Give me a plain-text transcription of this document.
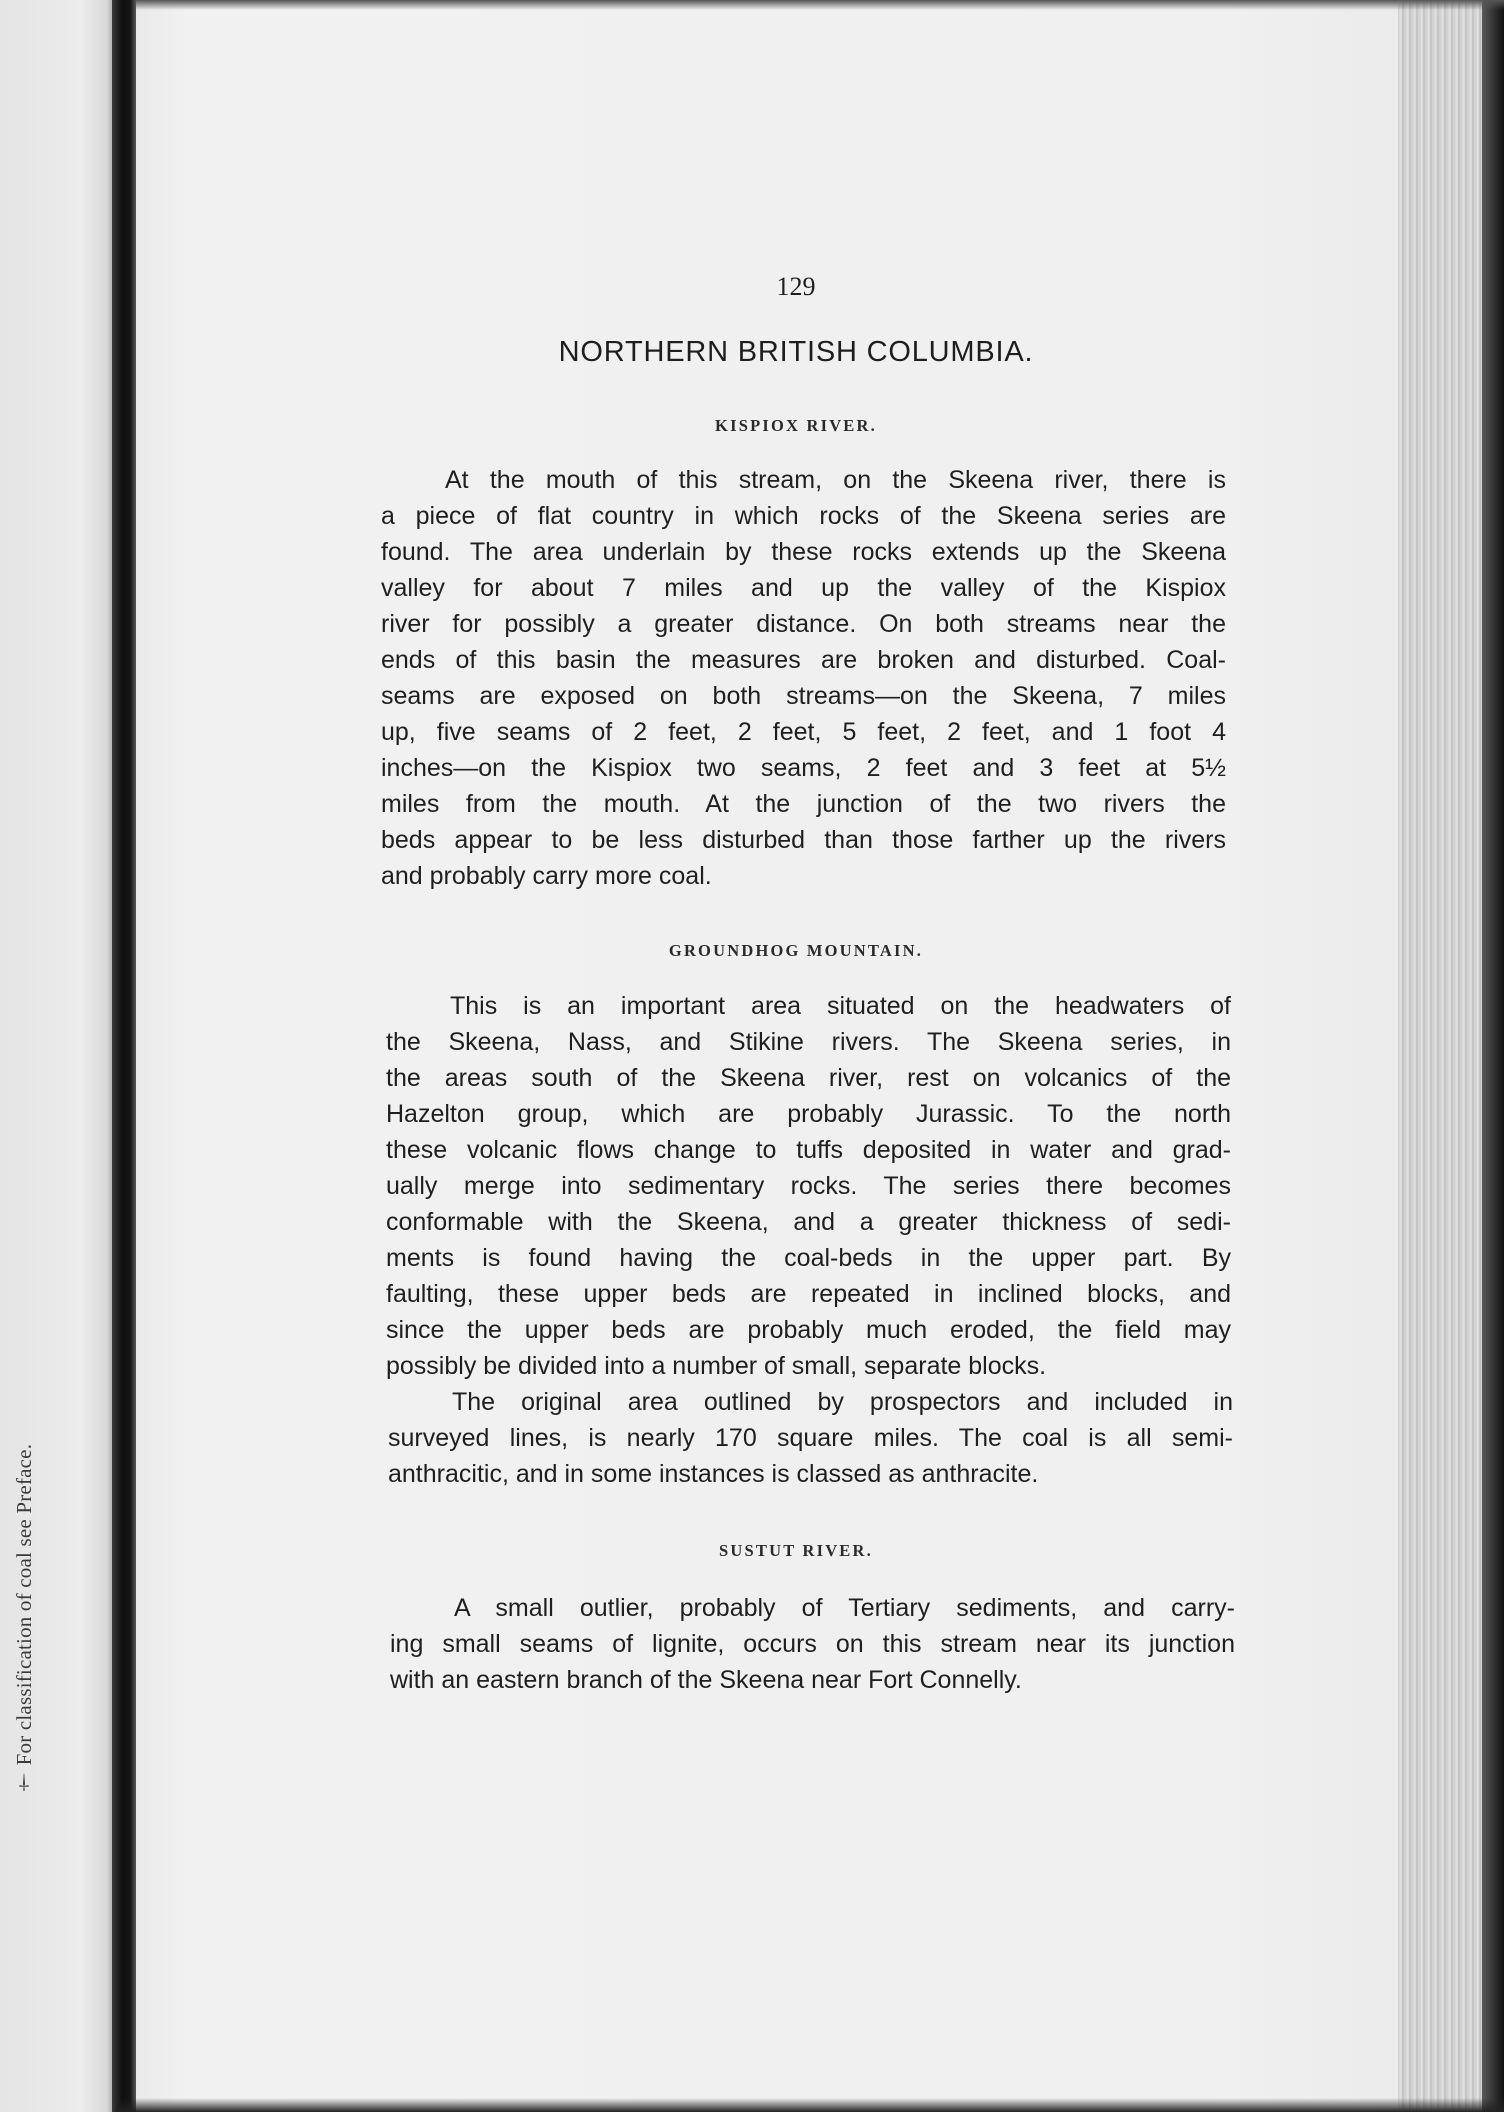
† For classification of coal see Preface.
129
NORTHERN BRITISH COLUMBIA.
KISPIOX RIVER.
At the mouth of this stream, on the Skeena river, there is
a piece of flat country in which rocks of the Skeena series are
found. The area underlain by these rocks extends up the Skeena
valley for about 7 miles and up the valley of the Kispiox
river for possibly a greater distance. On both streams near the
ends of this basin the measures are broken and disturbed. Coal-
seams are exposed on both streams—on the Skeena, 7 miles
up, five seams of 2 feet, 2 feet, 5 feet, 2 feet, and 1 foot 4
inches—on the Kispiox two seams, 2 feet and 3 feet at 5½
miles from the mouth. At the junction of the two rivers the
beds appear to be less disturbed than those farther up the rivers
and probably carry more coal.
GROUNDHOG MOUNTAIN.
This is an important area situated on the headwaters of
the Skeena, Nass, and Stikine rivers. The Skeena series, in
the areas south of the Skeena river, rest on volcanics of the
Hazelton group, which are probably Jurassic. To the north
these volcanic flows change to tuffs deposited in water and grad-
ually merge into sedimentary rocks. The series there becomes
conformable with the Skeena, and a greater thickness of sedi-
ments is found having the coal-beds in the upper part. By
faulting, these upper beds are repeated in inclined blocks, and
since the upper beds are probably much eroded, the field may
possibly be divided into a number of small, separate blocks.
The original area outlined by prospectors and included in
surveyed lines, is nearly 170 square miles. The coal is all semi-
anthracitic, and in some instances is classed as anthracite.
SUSTUT RIVER.
A small outlier, probably of Tertiary sediments, and carry-
ing small seams of lignite, occurs on this stream near its junction
with an eastern branch of the Skeena near Fort Connelly.
